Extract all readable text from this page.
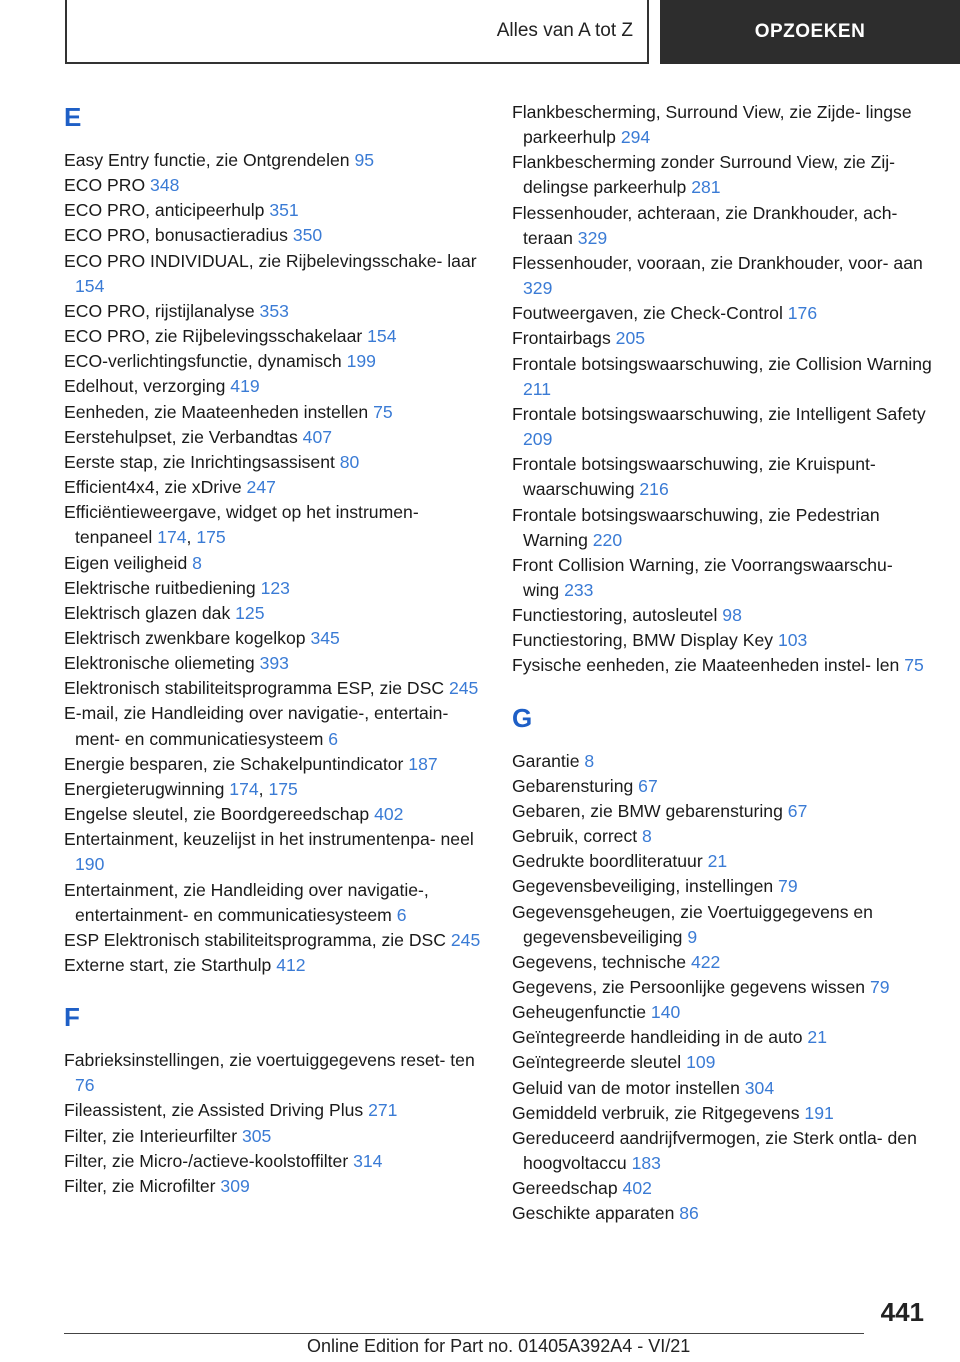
Alles van A tot Z	OPZOEKEN
E
Easy Entry functie, zie Ontgrendelen 95
ECO PRO 348
ECO PRO, anticipeerhulp 351
ECO PRO, bonusactieradius 350
ECO PRO INDIVIDUAL, zie Rijbelevingsschake‐ laar 154
ECO PRO, rijstijlanalyse 353
ECO PRO, zie Rijbelevingsschakelaar 154
ECO-verlichtingsfunctie, dynamisch 199
Edelhout, verzorging 419
Eenheden, zie Maateenheden instellen 75
Eerstehulpset, zie Verbandtas 407
Eerste stap, zie Inrichtingsassisent 80
Efficient4x4, zie xDrive 247
Efficiëntieweergave, widget op het instrumen‐ tenpaneel 174, 175
Eigen veiligheid 8
Elektrische ruitbediening 123
Elektrisch glazen dak 125
Elektrisch zwenkbare kogelkop 345
Elektronische oliemeting 393
Elektronisch stabiliteitsprogramma ESP, zie DSC 245
E-mail, zie Handleiding over navigatie-, entertain‐ ment- en communicatiesysteem 6
Energie besparen, zie Schakelpuntindicator 187
Energieterugwinning 174, 175
Engelse sleutel, zie Boordgereedschap 402
Entertainment, keuzelijst in het instrumentenpa‐ neel 190
Entertainment, zie Handleiding over navigatie-, entertainment- en communicatiesysteem 6
ESP Elektronisch stabiliteitsprogramma, zie DSC 245
Externe start, zie Starthulp 412
F
Fabrieksinstellingen, zie voertuiggegevens reset‐ ten 76
Fileassistent, zie Assisted Driving Plus 271
Filter, zie Interieurfilter 305
Filter, zie Micro-/actieve-koolstoffilter 314
Filter, zie Microfilter 309
Flankbescherming, Surround View, zie Zijde‐ lingse parkeerhulp 294
Flankbescherming zonder Surround View, zie Zij‐ delingse parkeerhulp 281
Flessenhouder, achteraan, zie Drankhouder, ach‐ teraan 329
Flessenhouder, vooraan, zie Drankhouder, voor‐ aan 329
Foutweergaven, zie Check-Control 176
Frontairbags 205
Frontale botsingswaarschuwing, zie Collision Warning 211
Frontale botsingswaarschuwing, zie Intelligent Safety 209
Frontale botsingswaarschuwing, zie Kruispunt‐ waarschuwing 216
Frontale botsingswaarschuwing, zie Pedestrian Warning 220
Front Collision Warning, zie Voorrangswaarschu‐ wing 233
Functiestoring, autosleutel 98
Functiestoring, BMW Display Key 103
Fysische eenheden, zie Maateenheden instel‐ len 75
G
Garantie 8
Gebarensturing 67
Gebaren, zie BMW gebarensturing 67
Gebruik, correct 8
Gedrukte boordliteratuur 21
Gegevensbeveiliging, instellingen 79
Gegevensgeheugen, zie Voertuiggegevens en gegevensbeveiliging 9
Gegevens, technische 422
Gegevens, zie Persoonlijke gegevens wissen 79
Geheugenfunctie 140
Geïntegreerde handleiding in de auto 21
Geïntegreerde sleutel 109
Geluid van de motor instellen 304
Gemiddeld verbruik, zie Ritgegevens 191
Gereduceerd aandrijfvermogen, zie Sterk ontla‐ den hoogvoltaccu 183
Gereedschap 402
Geschikte apparaten 86
441
Online Edition for Part no. 01405A392A4 - VI/21
